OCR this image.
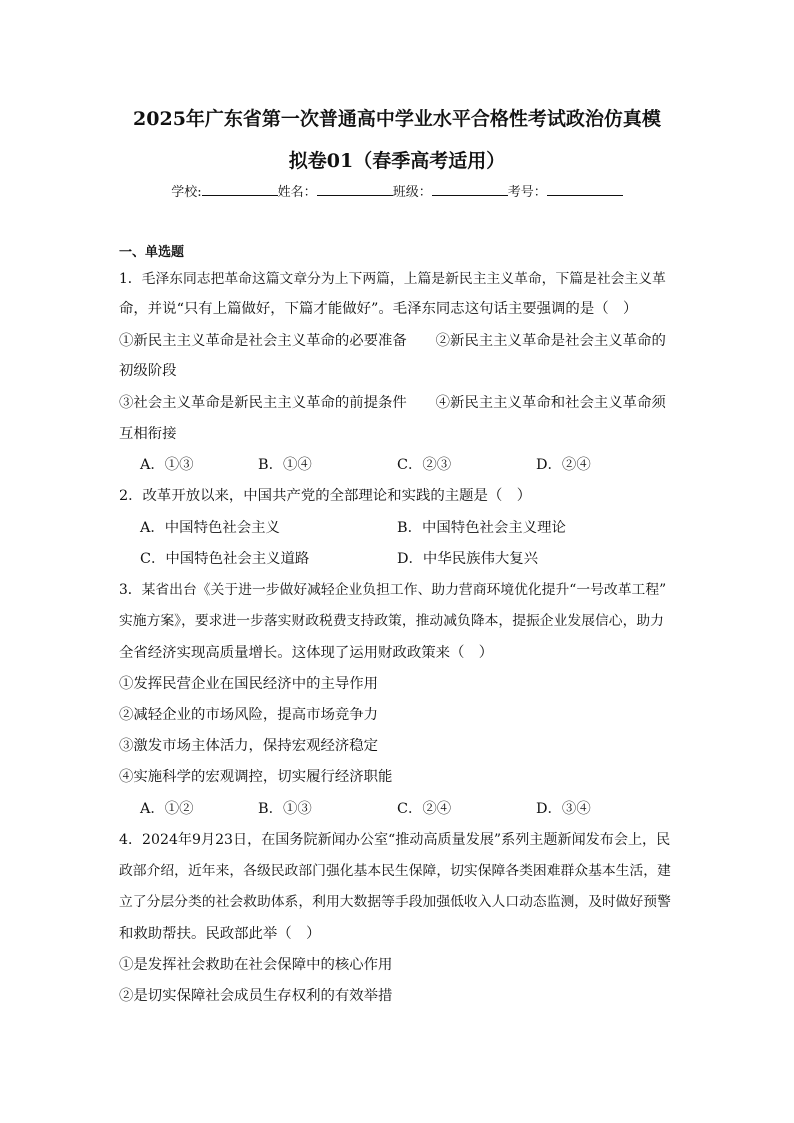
2025年广东省第一次普通高中学业水平合格性考试政治仿真模
拟卷01（春季高考适用）
学校:	姓名：	班级：	考号：
一、单选题
1．毛泽东同志把革命这篇文章分为上下两篇，上篇是新民主主义革命，下篇是社会主义革
命，并说“只有上篇做好，下篇才能做好”。毛泽东同志这句话主要强调的是（　）
①新民主主义革命是社会主义革命的必要准备　　②新民主主义革命是社会主义革命的
初级阶段
③社会主义革命是新民主主义革命的前提条件　　④新民主主义革命和社会主义革命须
互相衔接
A．①③	B．①④	C．②③	D．②④
2．改革开放以来，中国共产党的全部理论和实践的主题是（　）
A．中国特色社会主义	B．中国特色社会主义理论
C．中国特色社会主义道路	D．中华民族伟大复兴
3．某省出台《关于进一步做好减轻企业负担工作、助力营商环境优化提升“一号改革工程”
实施方案》，要求进一步落实财政税费支持政策，推动减负降本，提振企业发展信心，助力
全省经济实现高质量增长。这体现了运用财政政策来（　）
①发挥民营企业在国民经济中的主导作用
②减轻企业的市场风险，提高市场竞争力
③激发市场主体活力，保持宏观经济稳定
④实施科学的宏观调控，切实履行经济职能
A．①②	B．①③	C．②④	D．③④
4．2024年9月23日，在国务院新闻办公室“推动高质量发展”系列主题新闻发布会上，民
政部介绍，近年来，各级民政部门强化基本民生保障，切实保障各类困难群众基本生活，建
立了分层分类的社会救助体系，利用大数据等手段加强低收入人口动态监测，及时做好预警
和救助帮扶。民政部此举（　）
①是发挥社会救助在社会保障中的核心作用
②是切实保障社会成员生存权利的有效举措
